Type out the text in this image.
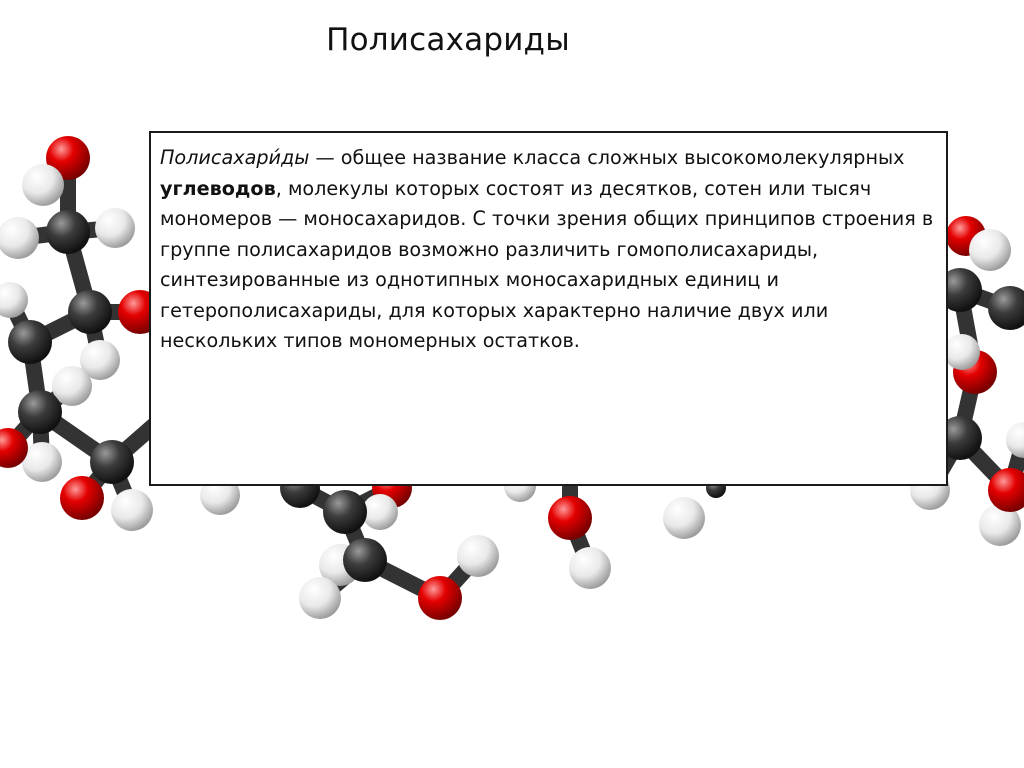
Полисахариды
Полисахари́ды — общее название класса сложных высокомолекулярных углеводов, молекулы которых состоят из десятков, сотен или тысяч мономеров — моносахаридов. С точки зрения общих принципов строения в группе полисахаридов возможно различить гомополисахариды, синтезированные из однотипных моносахаридных единиц и гетерополисахариды, для которых характерно наличие двух или нескольких типов мономерных остатков.
